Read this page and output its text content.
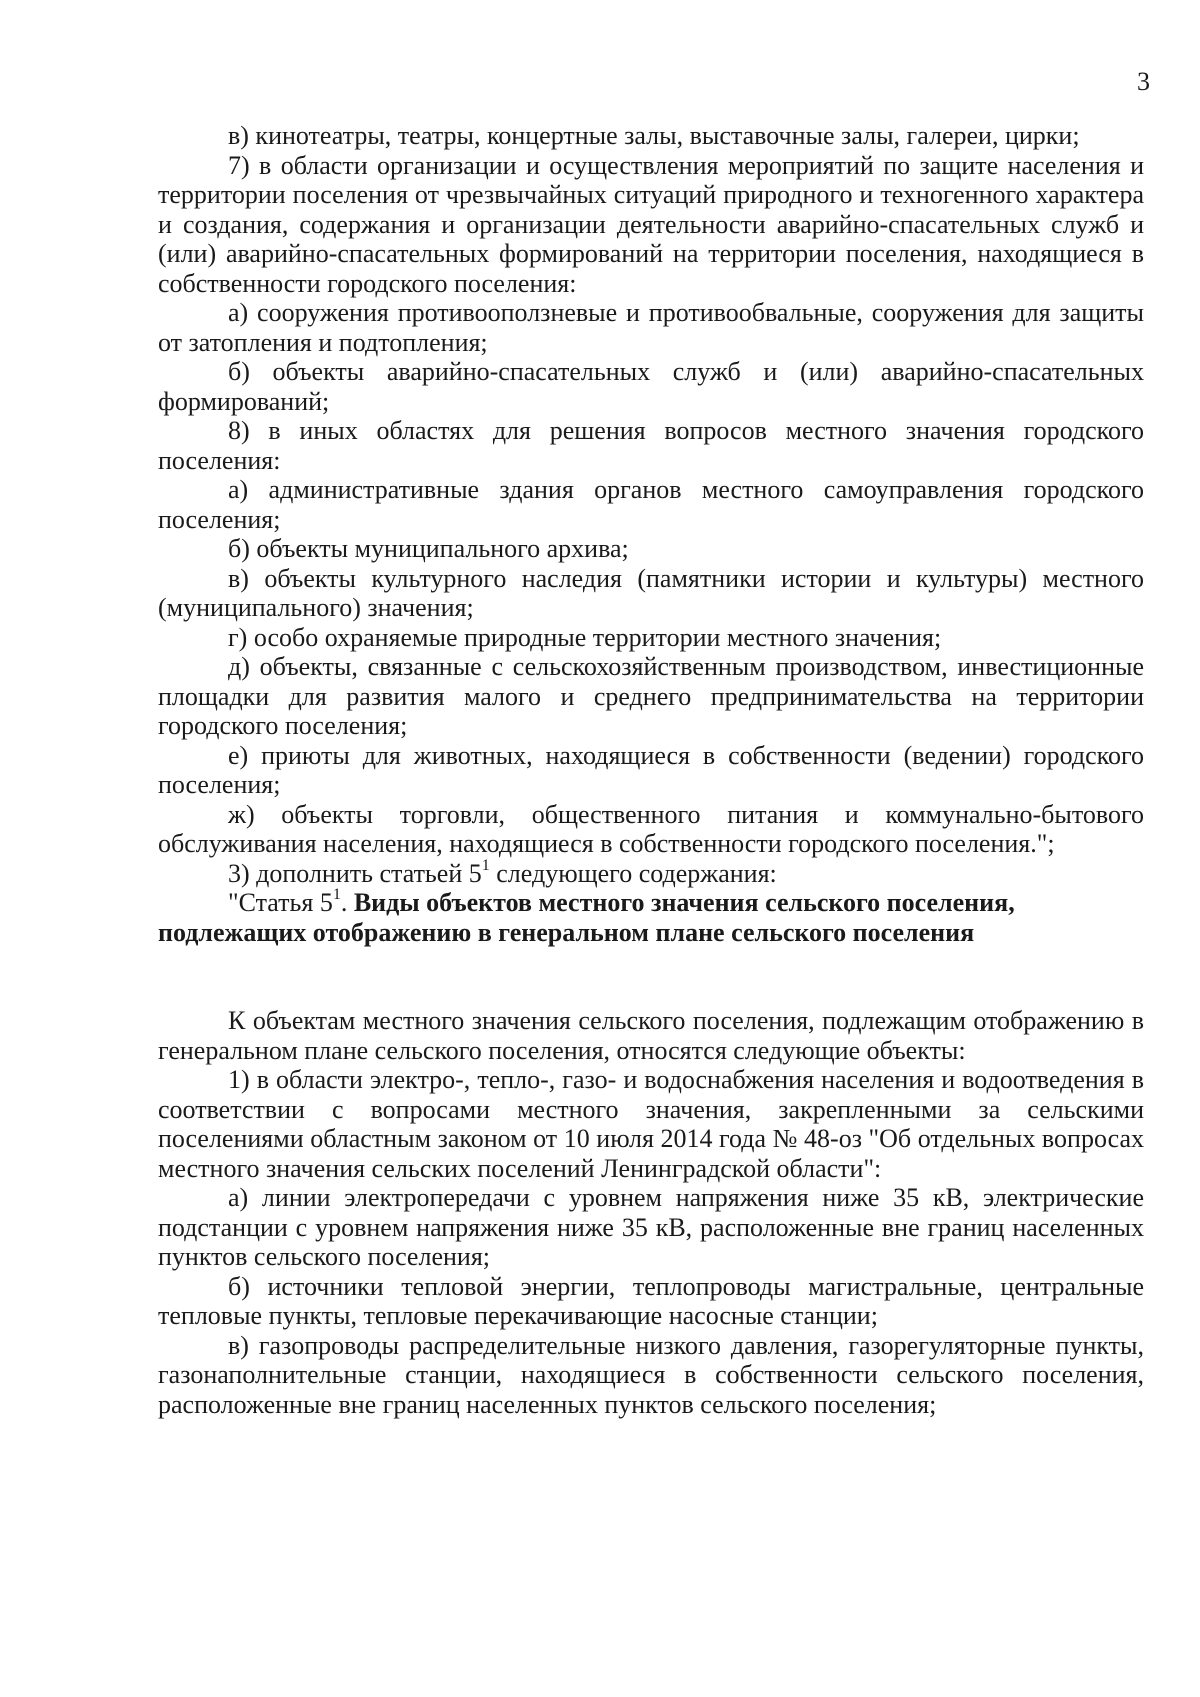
3

в) кинотеатры, театры, концертные залы, выставочные залы, галереи, цирки;

7) в области организации и осуществления мероприятий по защите населения и территории поселения от чрезвычайных ситуаций природного и техногенного характера и создания, содержания и организации деятельности аварийно-спасательных служб и (или) аварийно-спасательных формирований на территории поселения, находящиеся в собственности городского поселения:

а) сооружения противооползневые и противообвальные, сооружения для защиты от затопления и подтопления;

б) объекты аварийно-спасательных служб и (или) аварийно-спасательных формирований;

8) в иных областях для решения вопросов местного значения городского поселения:

а) административные здания органов местного самоуправления городского поселения;

б) объекты муниципального архива;

в) объекты культурного наследия (памятники истории и культуры) местного (муниципального) значения;

г) особо охраняемые природные территории местного значения;

д) объекты, связанные с сельскохозяйственным производством, инвестиционные площадки для развития малого и среднего предпринимательства на территории городского поселения;

е) приюты для животных, находящиеся в собственности (ведении) городского поселения;

ж) объекты торговли, общественного питания и коммунально-бытового обслуживания населения, находящиеся в собственности городского поселения.";

3) дополнить статьей $5^1$ следующего содержания:

"Статья $5^1$. Виды объектов местного значения сельского поселения,

подлежащих отображению в генеральном плане сельского поселения

К объектам местного значения сельского поселения, подлежащим отображению в генеральном плане сельского поселения, относятся следующие объекты:

1) в области электро-, тепло-, газо- и водоснабжения населения и водоотведения в соответствии с вопросами местного значения, закрепленными за сельскими поселениями областным законом от 10 июля 2014 года № 48-оз "Об отдельных вопросах местного значения сельских поселений Ленинградской области":

а) линии электропередачи с уровнем напряжения ниже 35 кВ, электрические подстанции с уровнем напряжения ниже 35 кВ, расположенные вне границ населенных пунктов сельского поселения;

б) источники тепловой энергии, теплопроводы магистральные, центральные тепловые пункты, тепловые перекачивающие насосные станции;

в) газопроводы распределительные низкого давления, газорегуляторные пункты, газонаполнительные станции, находящиеся в собственности сельского поселения, расположенные вне границ населенных пунктов сельского поселения;
